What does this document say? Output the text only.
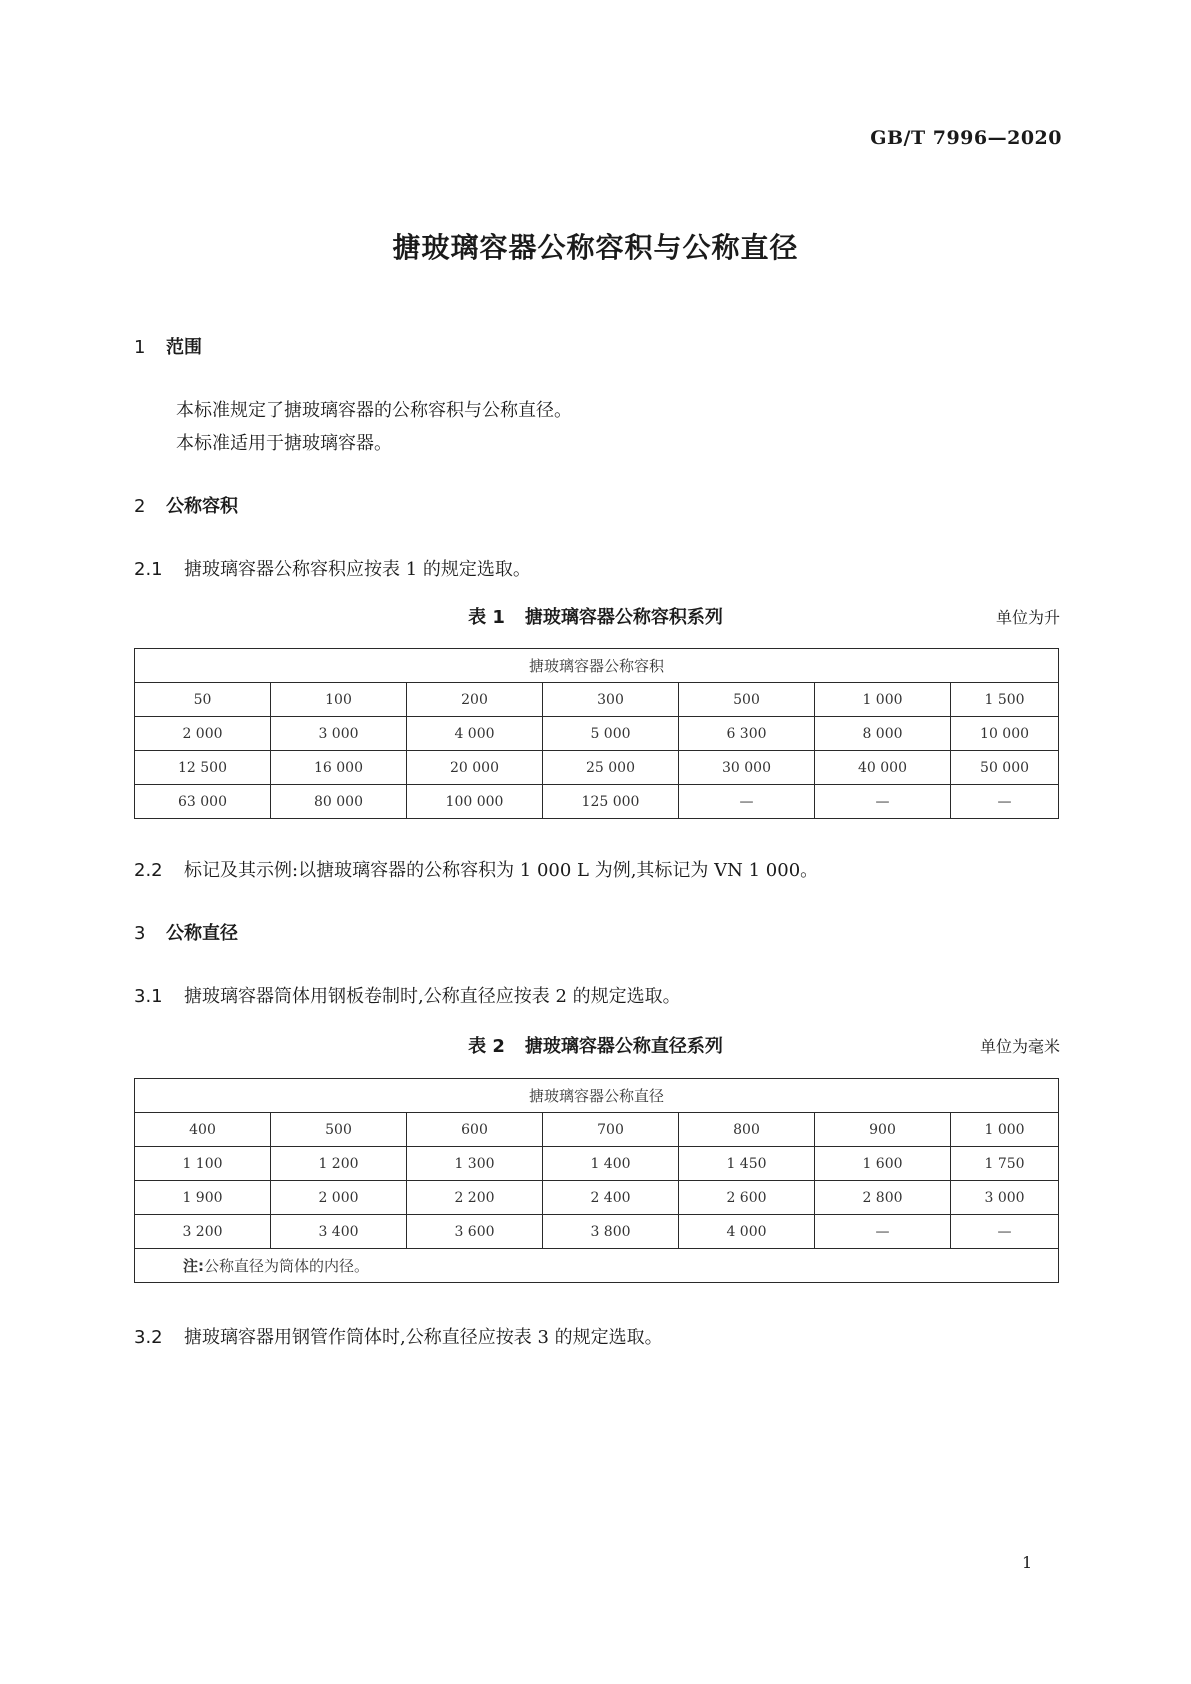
GB/T 7996—2020
搪玻璃容器公称容积与公称直径
1 范围
本标准规定了搪玻璃容器的公称容积与公称直径。
本标准适用于搪玻璃容器。
2 公称容积
2.1 搪玻璃容器公称容积应按表 1 的规定选取。
表 1 搪玻璃容器公称容积系列	单位为升
搪玻璃容器公称容积						
50	100	200	300	500	1 000	1 500
2 000	3 000	4 000	5 000	6 300	8 000	10 000
12 500	16 000	20 000	25 000	30 000	40 000	50 000
63 000	80 000	100 000	125 000	—	—	—
2.2 标记及其示例:以搪玻璃容器的公称容积为 1 000 L 为例,其标记为 VN 1 000。
3 公称直径
3.1 搪玻璃容器筒体用钢板卷制时,公称直径应按表 2 的规定选取。
表 2 搪玻璃容器公称直径系列	单位为毫米
搪玻璃容器公称直径						
400	500	600	700	800	900	1 000
1 100	1 200	1 300	1 400	1 450	1 600	1 750
1 900	2 000	2 200	2 400	2 600	2 800	3 000
3 200	3 400	3 600	3 800	4 000	—	—
注:公称直径为筒体的内径。						
3.2 搪玻璃容器用钢管作筒体时,公称直径应按表 3 的规定选取。
1
